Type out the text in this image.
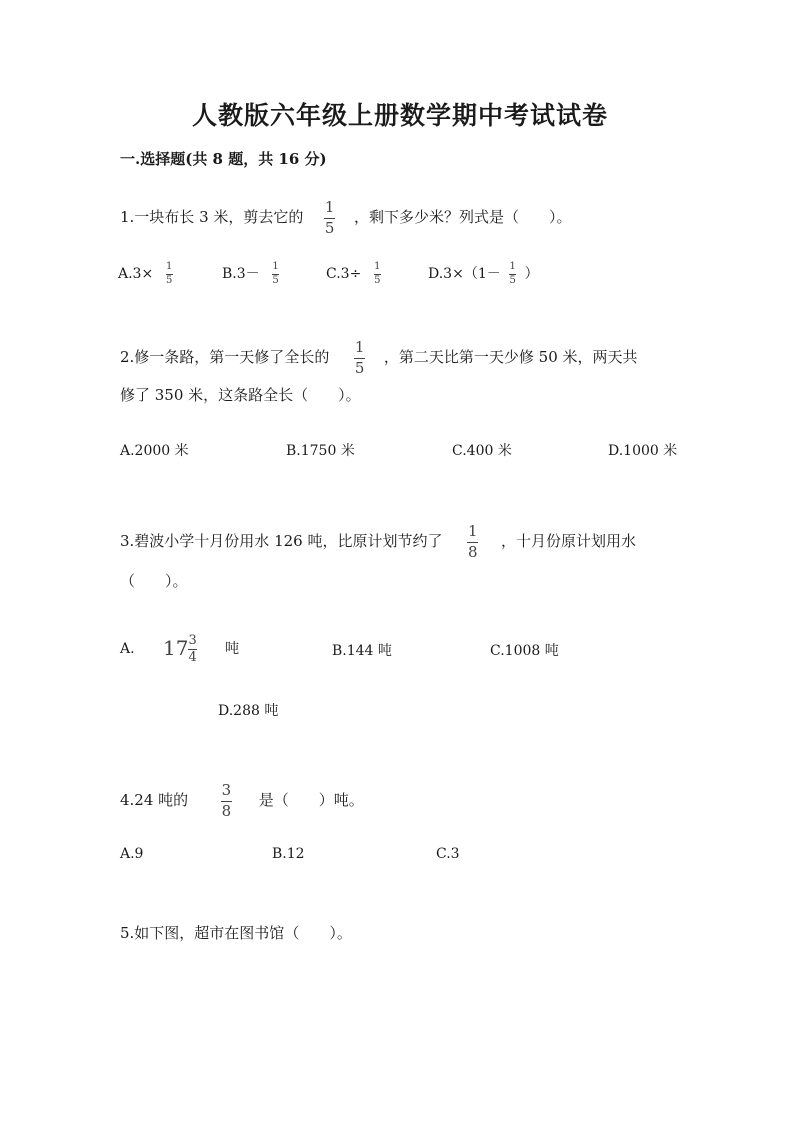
人教版六年级上册数学期中考试试卷
一.选择题(共 8 题，共 16 分)
1.一块布长 3 米，剪去它的 $\frac{1}{5}$ ，剩下多少米？列式是（　　）。
$A.3\times \frac{1}{5}$	$B.3- \frac{1}{5}$	$C.3\div \frac{1}{5}$	$D.3\times(1- \frac{1}{5}$ ）
2.修一条路，第一天修了全长的 $\frac{1}{5}$ ，第二天比第一天少修 50 米，两天共
修了 350 米，这条路全长（　　）。
A.2000 米	B.1750 米	C.400 米	D.1000 米
3.碧波小学十月份用水 126 吨，比原计划节约了 $\frac{1}{8}$ ，十月份原计划用水
（　　）。
A. $17 \frac{3}{4}$ 吨	B.144 吨	C.1008 吨
D.288 吨
4.24 吨的 $\frac{3}{8}$ 是（　　）吨。
A.9	B.12	C.3
5.如下图，超市在图书馆（　　）。
